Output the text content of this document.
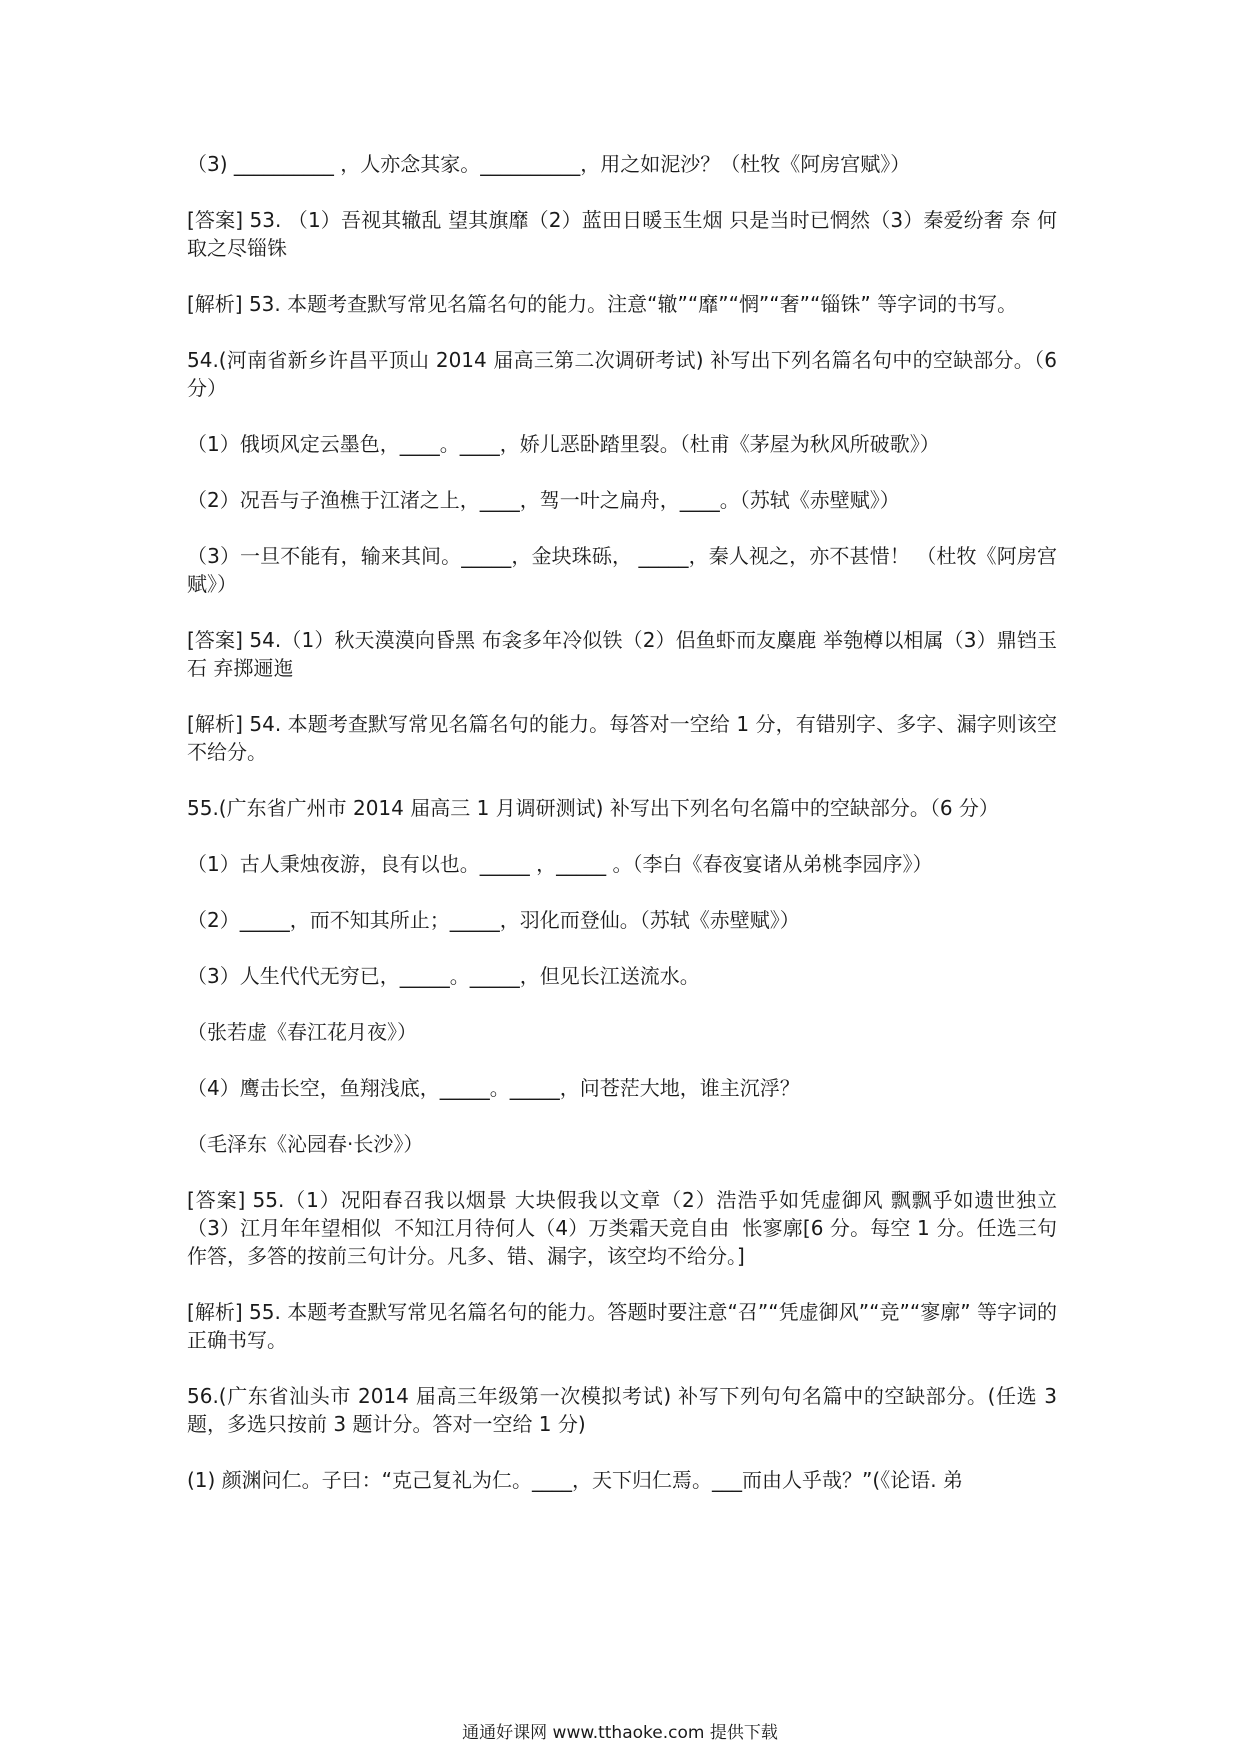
（3) __________ ，人亦念其家。__________，用之如泥沙？（杜牧《阿房宫赋》）

[答案] 53. （1）吾视其辙乱 望其旗靡（2）蓝田日暖玉生烟 只是当时已惘然（3）秦爱纷奢 奈 何取之尽锱铢

[解析] 53. 本题考查默写常见名篇名句的能力。注意“辙”“靡”“惘”“奢”“锱铢” 等字词的书写。

54.(河南省新乡许昌平顶山 2014 届高三第二次调研考试) 补写出下列名篇名句中的空缺部分。（6 分）

（1）俄顷风定云墨色，____。____，娇儿恶卧踏里裂。（杜甫《茅屋为秋风所破歌》）

（2）况吾与子渔樵于江渚之上，____，驾一叶之扁舟，____。（苏轼《赤壁赋》）

（3）一旦不能有，输来其间。_____，金块珠砾， _____，秦人视之，亦不甚惜！ （杜牧《阿房宫赋》）

[答案] 54.（1）秋天漠漠向昏黑 布衾多年冷似铁（2）侣鱼虾而友麋鹿 举匏樽以相属（3）鼎铛玉石 弃掷逦迤

[解析] 54. 本题考查默写常见名篇名句的能力。每答对一空给 1 分，有错别字、多字、漏字则该空不给分。

55.(广东省广州市 2014 届高三 1 月调研测试) 补写出下列名句名篇中的空缺部分。（6 分）

（1）古人秉烛夜游，良有以也。_____ ，_____ 。（李白《春夜宴诸从弟桃李园序》）

（2）_____，而不知其所止；_____，羽化而登仙。（苏轼《赤壁赋》）

（3）人生代代无穷已，_____。_____，但见长江送流水。

（张若虚《春江花月夜》）

（4）鹰击长空，鱼翔浅底，_____。_____，问苍茫大地，谁主沉浮？

（毛泽东《沁园春·长沙》）

[答案] 55.（1）况阳春召我以烟景 大块假我以文章（2）浩浩乎如凭虚御风 飘飘乎如遗世独立（3）江月年年望相似  不知江月待何人（4）万类霜天竞自由  怅寥廓[6 分。每空 1 分。任选三句作答，多答的按前三句计分。凡多、错、漏字，该空均不给分。]

[解析] 55. 本题考查默写常见名篇名句的能力。答题时要注意“召”“凭虚御风”“竞”“寥廓” 等字词的正确书写。

56.(广东省汕头市 2014 届高三年级第一次模拟考试) 补写下列句句名篇中的空缺部分。(任选 3 题，多选只按前 3 题计分。答对一空给 1 分)

(1) 颜渊问仁。子曰：“克己复礼为仁。____，天下归仁焉。___而由人乎哉？”(《论语. 弟

通通好课网 www.tthaoke.com 提供下载
